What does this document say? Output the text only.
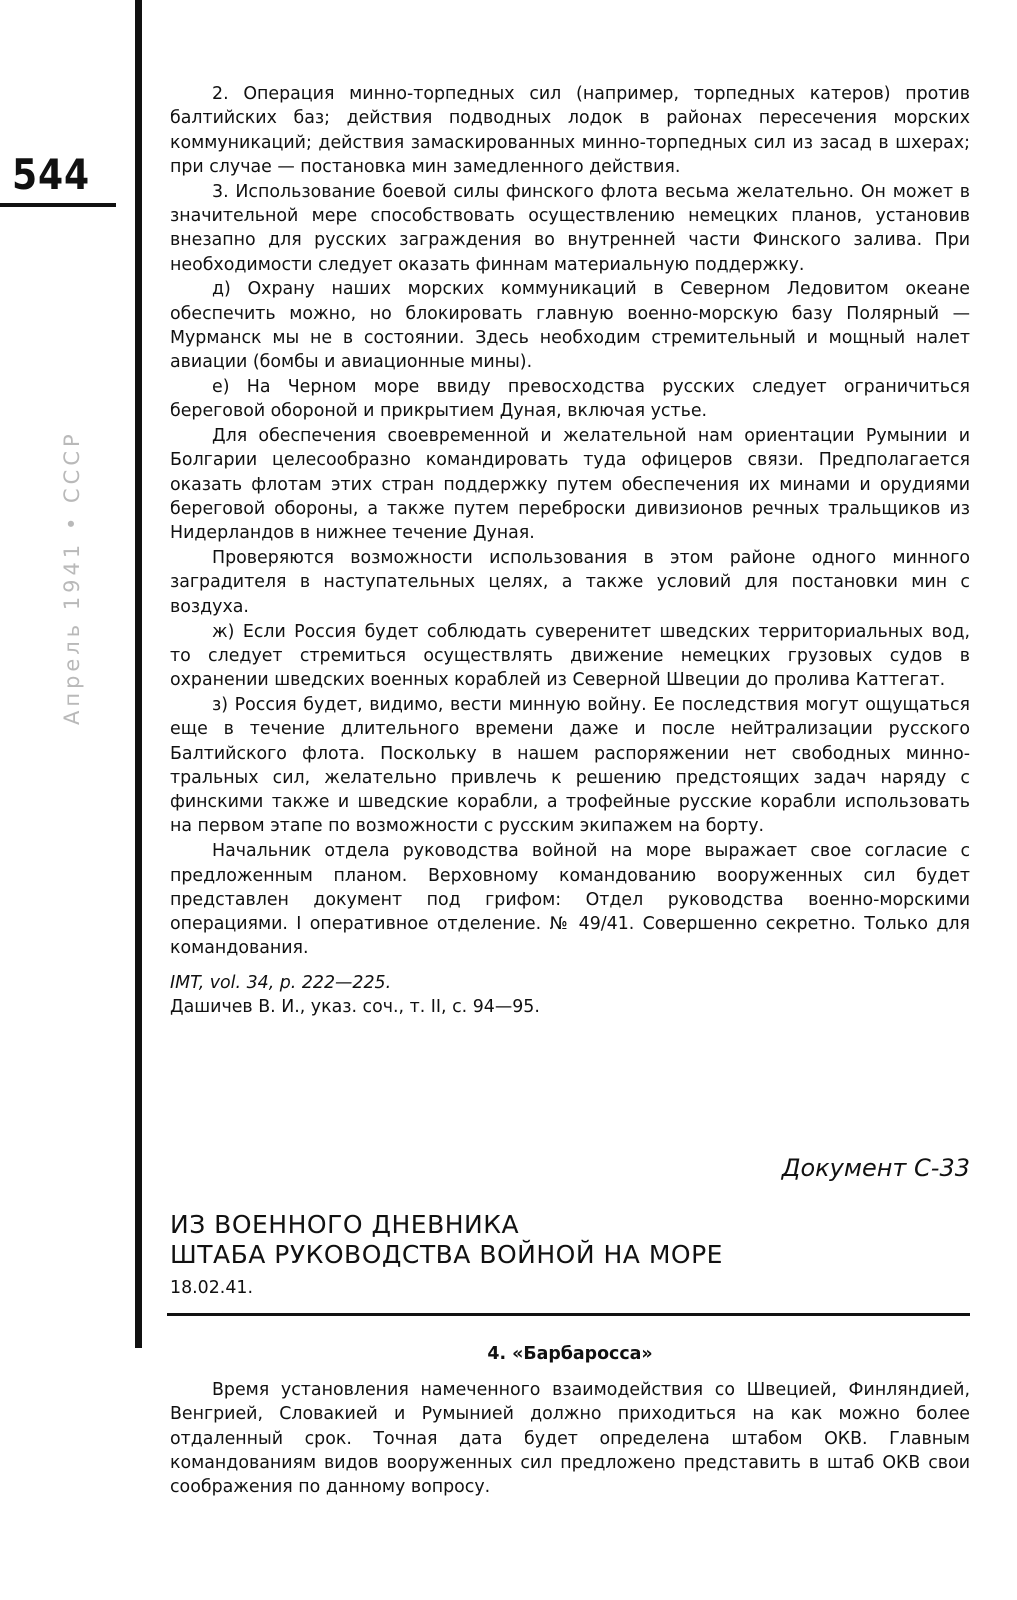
544
Апрель 1941 • СССР

2. Операция минно-торпедных сил (например, торпедных катеров) против балтийских баз; действия подводных лодок в районах пересечения морских коммуникаций; действия замаскированных минно-торпедных сил из засад в шхерах; при случае — постановка мин замедленного действия.

3. Использование боевой силы финского флота весьма желательно. Он может в значительной мере способствовать осуществлению немецких планов, установив внезапно для русских заграждения во внутренней части Финского залива. При необходимости следует оказать финнам материальную поддержку.

д) Охрану наших морских коммуникаций в Северном Ледовитом океане обеспечить можно, но блокировать главную военно-морскую базу Полярный — Мурманск мы не в состоянии. Здесь необходим стремительный и мощный налет авиации (бомбы и авиационные мины).

е) На Черном море ввиду превосходства русских следует ограничиться береговой обороной и прикрытием Дуная, включая устье.

Для обеспечения своевременной и желательной нам ориентации Румынии и Болгарии целесообразно командировать туда офицеров связи. Предполагается оказать флотам этих стран поддержку путем обеспечения их минами и орудиями береговой обороны, а также путем переброски дивизионов речных тральщиков из Нидерландов в нижнее течение Дуная.

Проверяются возможности использования в этом районе одного минного заградителя в наступательных целях, а также условий для постановки мин с воздуха.

ж) Если Россия будет соблюдать суверенитет шведских территориальных вод, то следует стремиться осуществлять движение немецких грузовых судов в охранении шведских военных кораблей из Северной Швеции до пролива Каттегат.

з) Россия будет, видимо, вести минную войну. Ее последствия могут ощущаться еще в течение длительного времени даже и после нейтрализации русского Балтийского флота. Поскольку в нашем распоряжении нет свободных минно-тральных сил, желательно привлечь к решению предстоящих задач наряду с финскими также и шведские корабли, а трофейные русские корабли использовать на первом этапе по возможности с русским экипажем на борту.

Начальник отдела руководства войной на море выражает свое согласие с предложенным планом. Верховному командованию вооруженных сил будет представлен документ под грифом: Отдел руководства военно-морскими операциями. I оперативное отделение. № 49/41. Совершенно секретно. Только для командования.

IMT, vol. 34, p. 222—225.

Дашичев В. И., указ. соч., т. II, с. 94—95.

Документ С-33
ИЗ ВОЕННОГО ДНЕВНИКА
ШТАБА РУКОВОДСТВА ВОЙНОЙ НА МОРЕ
18.02.41.
4. «Барбаросса»

Время установления намеченного взаимодействия со Швецией, Финляндией, Венгрией, Словакией и Румынией должно приходиться на как можно более отдаленный срок. Точная дата будет определена штабом ОКВ. Главным командованиям видов вооруженных сил предложено представить в штаб ОКВ свои соображения по данному вопросу.
